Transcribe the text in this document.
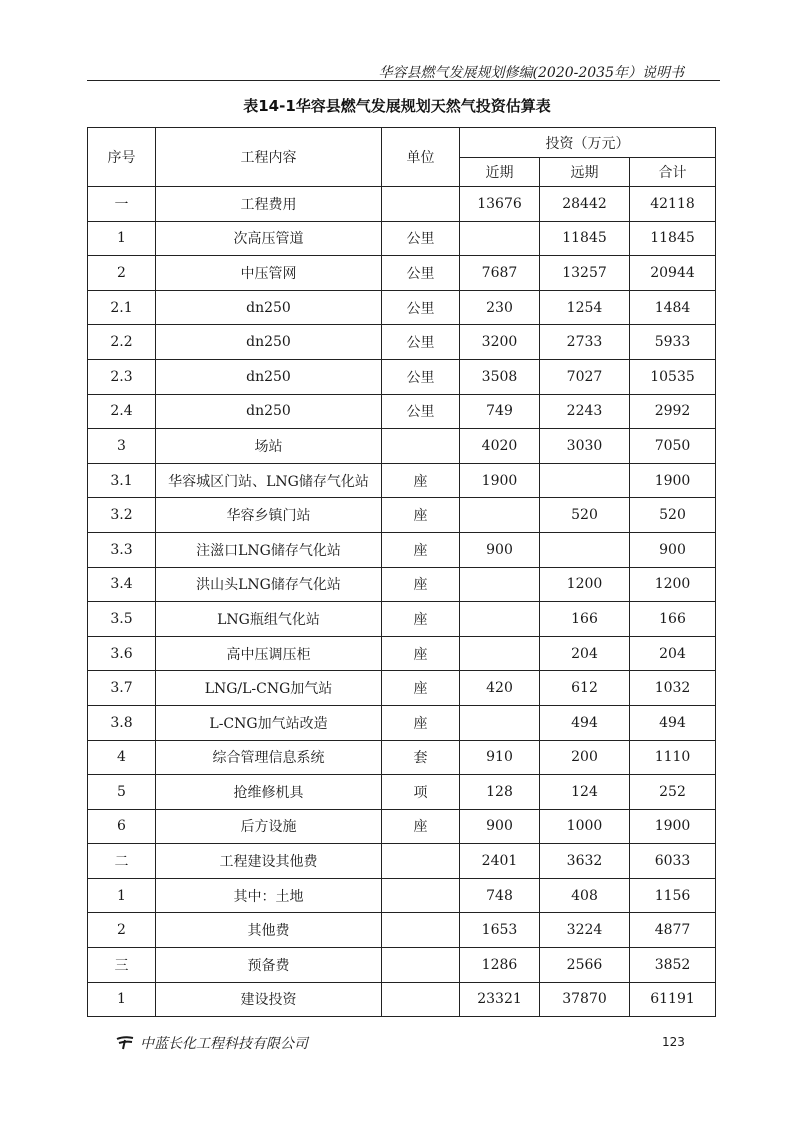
华容县燃气发展规划修编(2020-2035年）说明书
表14-1华容县燃气发展规划天然气投资估算表
序号	工程内容	单位	投资（万元）		
			近期	远期	合计
一	工程费用		13676	28442	42118
1	次高压管道	公里		11845	11845
2	中压管网	公里	7687	13257	20944
2.1	dn250	公里	230	1254	1484
2.2	dn250	公里	3200	2733	5933
2.3	dn250	公里	3508	7027	10535
2.4	dn250	公里	749	2243	2992
3	场站		4020	3030	7050
3.1	华容城区门站、LNG储存气化站	座	1900		1900
3.2	华容乡镇门站	座		520	520
3.3	注滋口LNG储存气化站	座	900		900
3.4	洪山头LNG储存气化站	座		1200	1200
3.5	LNG瓶组气化站	座		166	166
3.6	高中压调压柜	座		204	204
3.7	LNG/L-CNG加气站	座	420	612	1032
3.8	L-CNG加气站改造	座		494	494
4	综合管理信息系统	套	910	200	1110
5	抢维修机具	项	128	124	252
6	后方设施	座	900	1000	1900
二	工程建设其他费		2401	3632	6033
1	其中：土地		748	408	1156
2	其他费		1653	3224	4877
三	预备费		1286	2566	3852
1	建设投资		23321	37870	61191
中蓝长化工程科技有限公司	123
